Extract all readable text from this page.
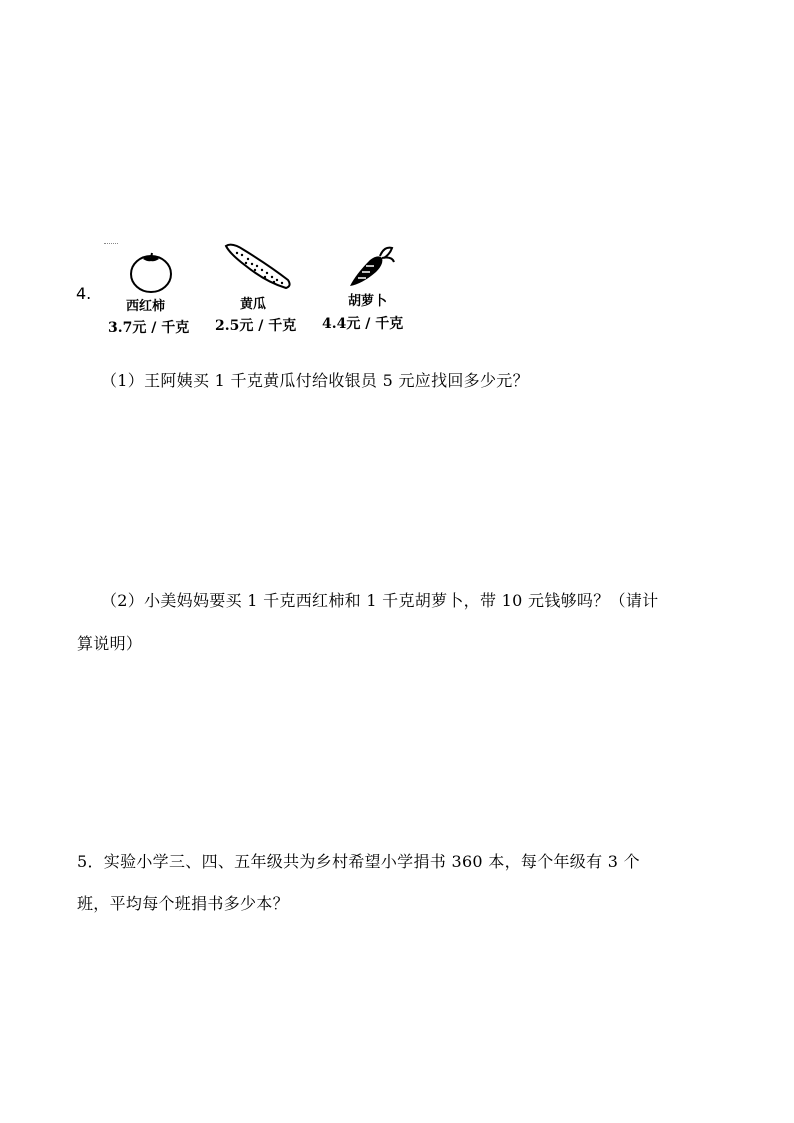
4.
西红柿
3.7元 / 千克
黄瓜
2.5元 / 千克
胡萝卜
4.4元 / 千克
（1）王阿姨买 1 千克黄瓜付给收银员 5 元应找回多少元？
（2）小美妈妈要买 1 千克西红柿和 1 千克胡萝卜，带 10 元钱够吗？（请计
算说明）
5．实验小学三、四、五年级共为乡村希望小学捐书 360 本，每个年级有 3 个
班，平均每个班捐书多少本？
